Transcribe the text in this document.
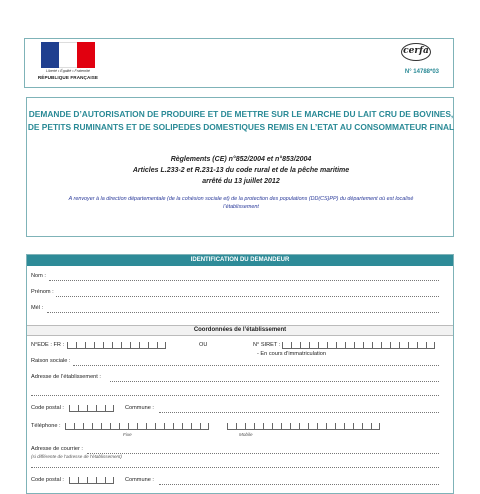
Liberté • Égalité • Fraternité
RÉPUBLIQUE FRANÇAISE
cerfa
N° 14788*03
DEMANDE D’AUTORISATION DE PRODUIRE ET DE METTRE SUR LE MARCHE DU LAIT CRU DE BOVINES, DE PETITS RUMINANTS ET DE SOLIPEDES DOMESTIQUES REMIS EN L’ETAT AU CONSOMMATEUR FINAL
Règlements (CE) n°852/2004 et n°853/2004
Articles L.233-2 et R.231-13 du code rural et de la pêche maritime
arrêté du 13 juillet 2012
A renvoyer à la direction départementale (de la cohésion sociale et) de la protection des populations (DD(CS)PP) du département où est localisé l’établissement
IDENTIFICATION DU DEMANDEUR
Nom :
Prénom :
Mél :
Coordonnées de l’établissement
N°EDE : FR :	OU	N° SIRET :
- En cours d’immatriculation
Raison sociale :
Adresse de l’établissement :
Code postal :	Commune :
Téléphone :
Fixe	Mobile
Adresse de courrier :
(si différente de l’adresse de l’établissement)
Code postal :	Commune :
